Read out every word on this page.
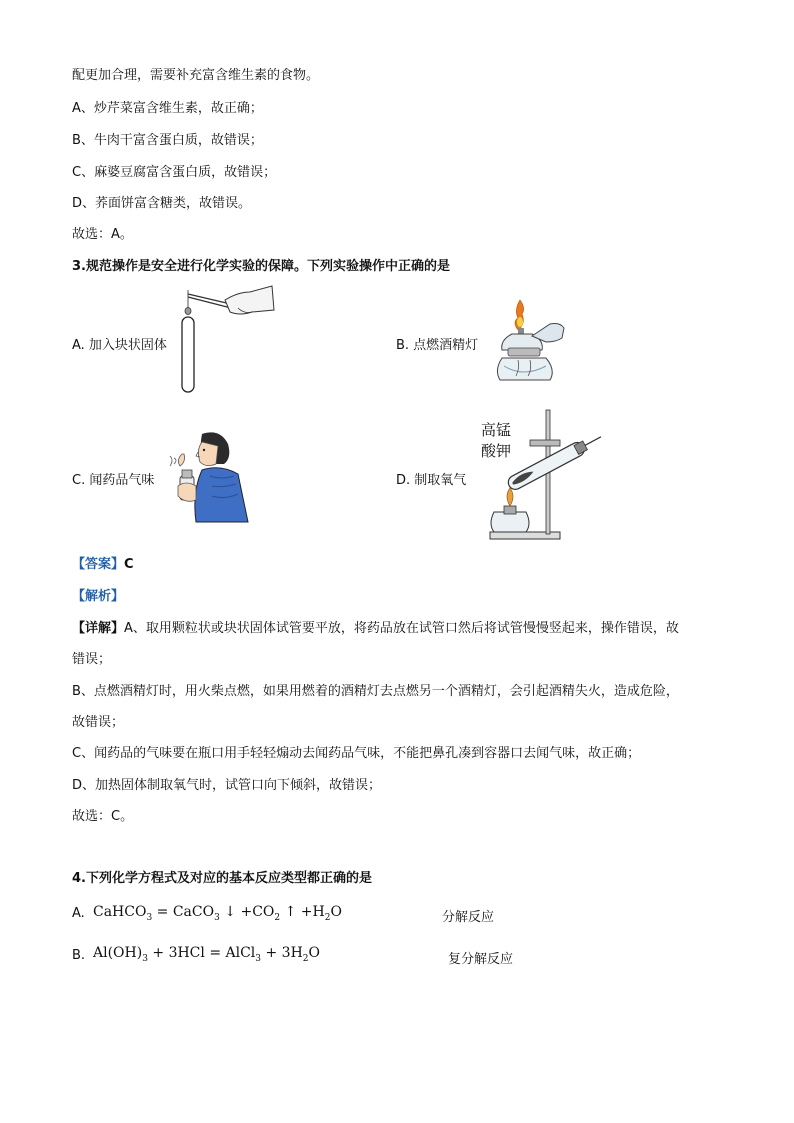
配更加合理，需要补充富含维生素的食物。
A、炒芹菜富含维生素，故正确；
B、牛肉干富含蛋白质，故错误；
C、麻婆豆腐富含蛋白质，故错误；
D、荞面饼富含糖类，故错误。
故选：A。
3.规范操作是安全进行化学实验的保障。下列实验操作中正确的是
A. 加入块状固体	B. 点燃酒精灯
C. 闻药品气味	D. 制取氧气
高锰
酸钾
【答案】C
【解析】
【详解】A、取用颗粒状或块状固体试管要平放，将药品放在试管口然后将试管慢慢竖起来，操作错误，故
错误；
B、点燃酒精灯时，用火柴点燃，如果用燃着的酒精灯去点燃另一个酒精灯，会引起酒精失火，造成危险，
故错误；
C、闻药品的气味要在瓶口用手轻轻煽动去闻药品气味，不能把鼻孔凑到容器口去闻气味，故正确；
D、加热固体制取氧气时，试管口向下倾斜，故错误；
故选：C。
4.下列化学方程式及对应的基本反应类型都正确的是
A. CaHCO$_3$ = CaCO$_3$ ↓ $+CO_2$ ↑ $+H_2O$	分解反应
B. $Al(OH)_3 + 3HCl$ = AlCl$_3$ + $3H_2O$	复分解反应
